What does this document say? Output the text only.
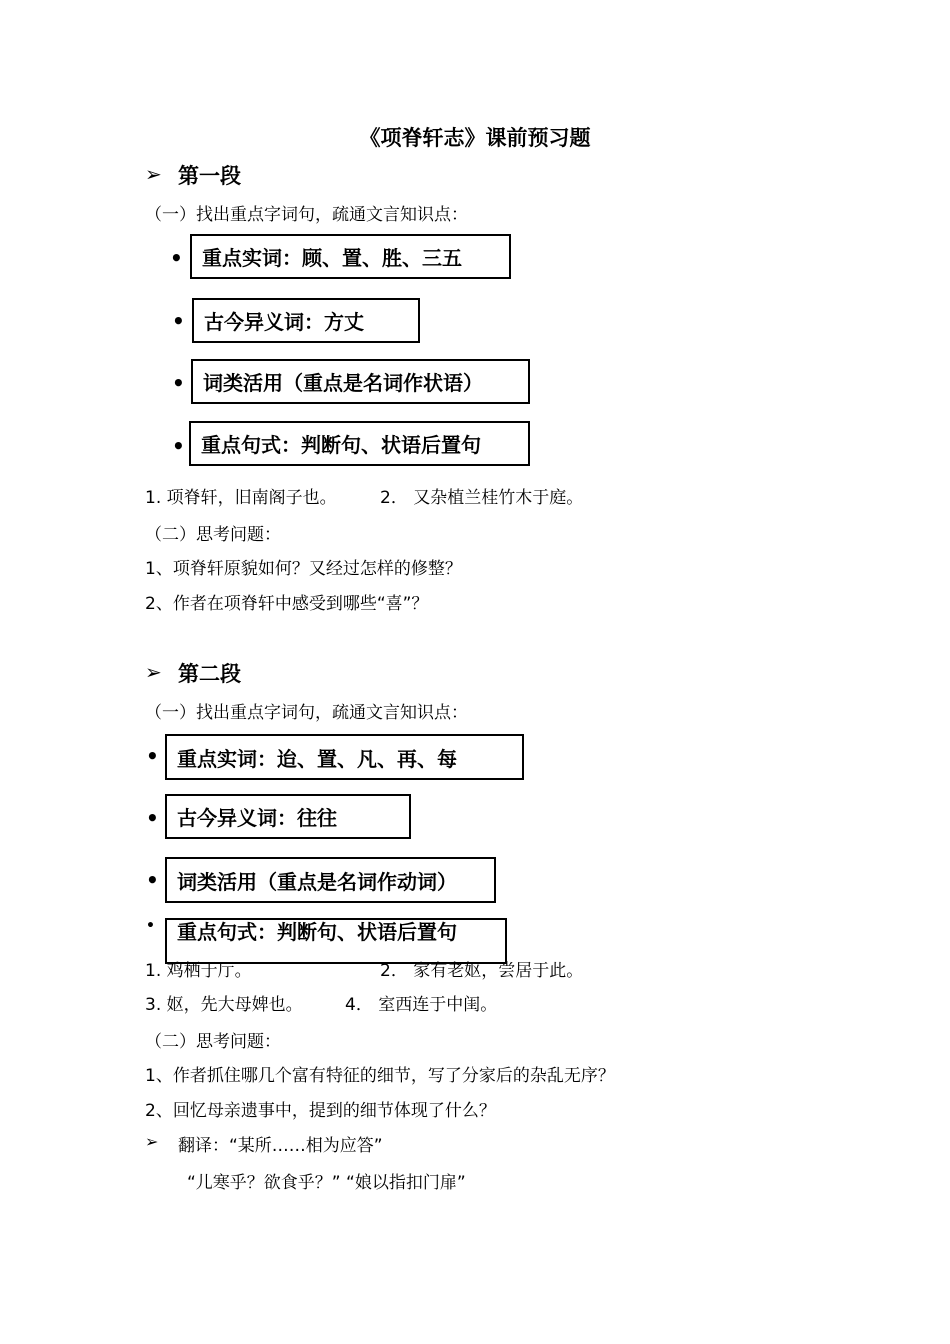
《项脊轩志》课前预习题
➢ 第一段
（一）找出重点字词句，疏通文言知识点：
• 重点实词：顾、置、胜、三五
• 古今异义词：方丈
• 词类活用（重点是名词作状语）
• 重点句式：判断句、状语后置句
1. 项脊轩，旧南阁子也。	2． 又杂植兰桂竹木于庭。
（二）思考问题：
1、项脊轩原貌如何？又经过怎样的修整？
2、作者在项脊轩中感受到哪些“喜”？
➢ 第二段
（一）找出重点字词句，疏通文言知识点：
• 重点实词：迨、置、凡、再、每
• 古今异义词：往往
• 词类活用（重点是名词作动词）
• 重点句式：判断句、状语后置句
1. 鸡栖于厅。	2． 家有老妪，尝居于此。
3. 妪，先大母婢也。 4． 室西连于中闺。
（二）思考问题：
1、作者抓住哪几个富有特征的细节，写了分家后的杂乱无序？
2、回忆母亲遗事中，提到的细节体现了什么？
➢ 翻译：“某所……相为应答”
“儿寒乎？欲食乎？” “娘以指扣门扉”
